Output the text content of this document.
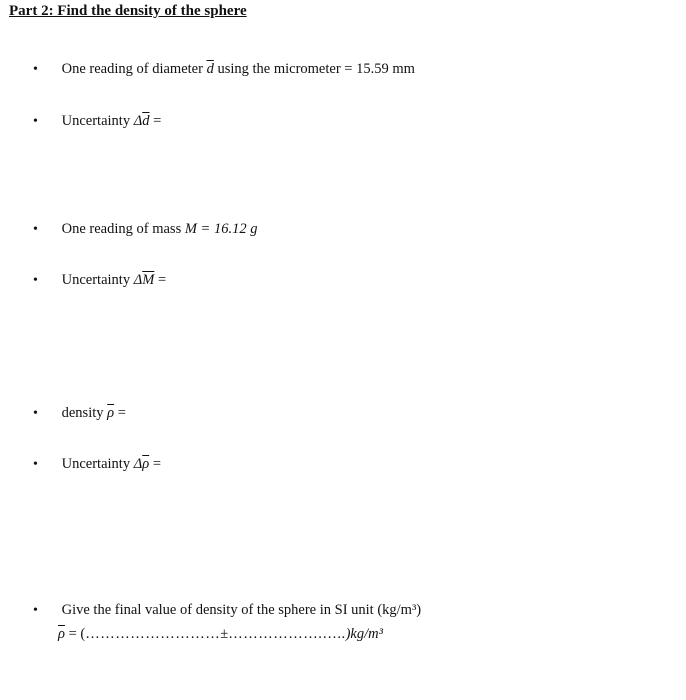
Part 2: Find the density of the sphere
• One reading of diameter $\overline{d}$ using the micrometer = 15.59 mm
• Uncertainty $\Delta\overline{d}$ =
• One reading of mass M = 16.12 g
• Uncertainty $\Delta\overline{M}$ =
• density $\overline{\rho}$ =
• Uncertainty $\Delta\overline{\rho}$ =
• Give the final value of density of the sphere in SI unit (kg/m³)
$\overline{\rho}$ = (………………………±……………….…..)kg/m³
